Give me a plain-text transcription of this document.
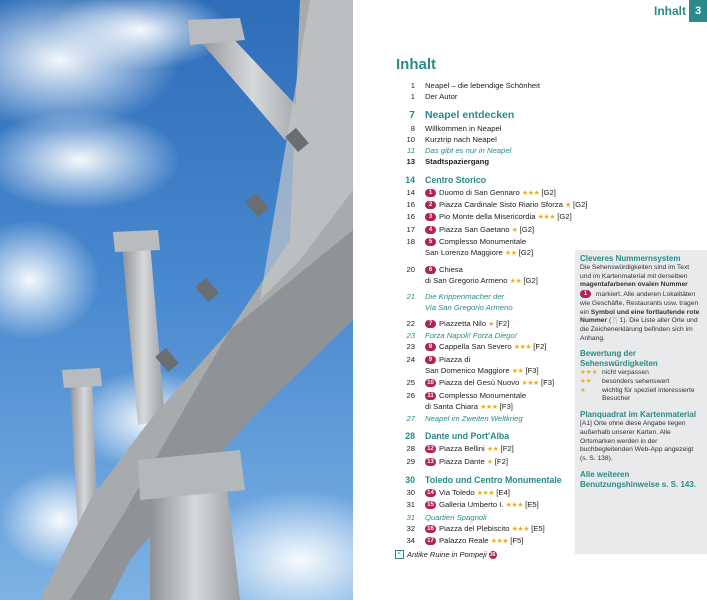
Inhalt 3
Inhalt
1	Neapel – die lebendige Schönheit
1	Der Autor
7 Neapel entdecken
8	Willkommen in Neapel
10	Kurztrip nach Neapel
11	Das gibt es nur in Neapel
13	Stadtspaziergang
14	Centro Storico
14	1 Duomo di San Gennaro ★★★ [G2]
16	2 Piazza Cardinale Sisto Riario Sforza ★ [G2]
16	3 Pio Monte della Misericordia ★★★ [G2]
17	4 Piazza San Gaetano ★ [G2]
18	5 Complesso Monumentale
San Lorenzo Maggiore ★★ [G2]
20	6 Chiesa
di San Gregorio Armeno ★★ [G2]
21	Die Krippenmacher der
Via San Gregorio Armeno
22	7 Piazzetta Nilo ★ [F2]
23	Forza Napoli! Forza Diego!
23	8 Cappella San Severo ★★★ [F2]
24	9 Piazza di
San Domenico Maggiore ★★ [F3]
25	10 Piazza del Gesù Nuovo ★★★ [F3]
26	11 Complesso Monumentale
di Santa Chiara ★★★ [F3]
27	Neapel im Zweiten Weltkrieg
28	Dante und Port'Alba
28	12 Piazza Bellini ★★ [F2]
29	13 Piazza Dante ★ [F2]
30	Toledo und Centro Monumentale
30	14 Via Toledo ★★★ [E4]
31	15 Galleria Umberto I. ★★★ [E5]
31	Quartieri Spagnoli
32	16 Piazza del Plebiscito ★★★ [E5]
34	17 Palazzo Reale ★★★ [F5]
Cleveres Nummernsystem

Die Sehenswürdigkeiten sind im Text und im Kartenmaterial mit derselben magentafarbenen ovalen Nummer 1 markiert. Alle anderen Lokalitäten wie Geschäfte, Restaurants usw. tragen ein Symbol und eine fortlaufende rote Nummer (🍴1). Die Liste aller Orte und die Zeichenerklärung befinden sich im Anhang.

Bewertung der Sehenswürdigkeiten
★★★ nicht verpassen
★★	besonders sehenswert
★	wichtig für speziell interessierte Besucher
Planquadrat im Kartenmaterial

[A1] Orte ohne diese Angabe liegen außerhalb unserer Karten. Alle Ortsmarken werden in der buchbegleitenden Web-App angezeigt (s. S. 138).

Alle weiteren Benutzungshinweise s. S. 143.
< Antike Ruine in Pompeji 36
